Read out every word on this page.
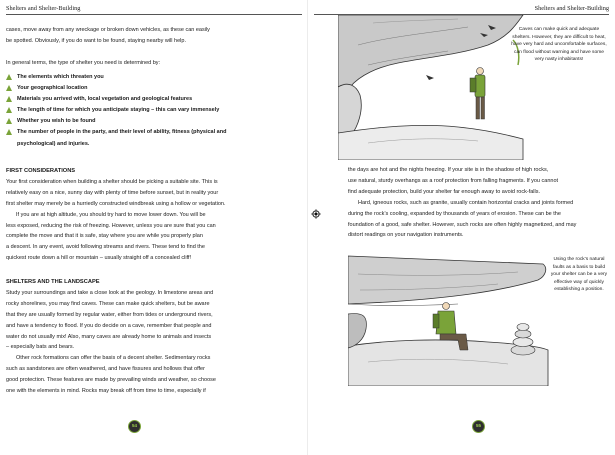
Shelters and Shelter-Building

cases, move away from any wreckage or broken down vehicles, as these can easily

be spotted. Obviously, if you do want to be found, staying nearby will help.

In general terms, the type of shelter you need is determined by:

The elements which threaten you
Your geographical location
Materials you arrived with, local vegetation and geological features
The length of time for which you anticipate staying – this can vary immensely
Whether you wish to be found
The number of people in the party, and their level of ability, fitness (physical and
psychological) and injuries.

FIRST CONSIDERATIONS

Your first consideration when building a shelter should be picking a suitable site. This is

relatively easy on a nice, sunny day with plenty of time before sunset, but in reality your

first shelter may merely be a hurriedly constructed windbreak using a hollow or vegetation.

If you are at high altitude, you should try hard to move lower down. You will be

less exposed, reducing the risk of freezing. However, unless you are sure that you can

complete the move and that it is safe, stay where you are while you properly plan

a descent. In any event, avoid following streams and rivers. These tend to find the

quickest route down a hill or mountain – usually straight off a concealed cliff!

SHELTERS AND THE LANDSCAPE

Study your surroundings and take a close look at the geology. In limestone areas and

rocky shorelines, you may find caves. These can make quick shelters, but be aware

that they are usually formed by regular water, either from tides or underground rivers,

and have a tendency to flood. If you do decide on a cave, remember that people and

water do not usually mix! Also, many caves are already home to animals and insects

– especially bats and bears.

Other rock formations can offer the basis of a decent shelter. Sedimentary rocks

such as sandstones are often weathered, and have fissures and hollows that offer

good protection. These features are made by prevailing winds and weather, so choose

one with the elements in mind. Rocks may break off from time to time, especially if

54
Shelters and Shelter-Building

Caves can make quick and adequate

shelters. However, they are difficult to heat,

have very hard and uncomfortable surfaces,

can flood without warning and have some

very nasty inhabitants!

the days are hot and the nights freezing. If your site is in the shadow of high rocks,

use natural, sturdy overhangs as a roof protection from falling fragments. If you cannot

find adequate protection, build your shelter far enough away to avoid rock-falls.

Hard, igneous rocks, such as granite, usually contain horizontal cracks and joints formed

during the rock’s cooling, expanded by thousands of years of erosion. These can be the

foundation of a good, safe shelter. However, such rocks are often highly magnetized, and may

distort readings on your navigation instruments.

Using the rock’s natural

faults as a basis to build

your shelter can be a very

effective way of quickly

establishing a position.

55
